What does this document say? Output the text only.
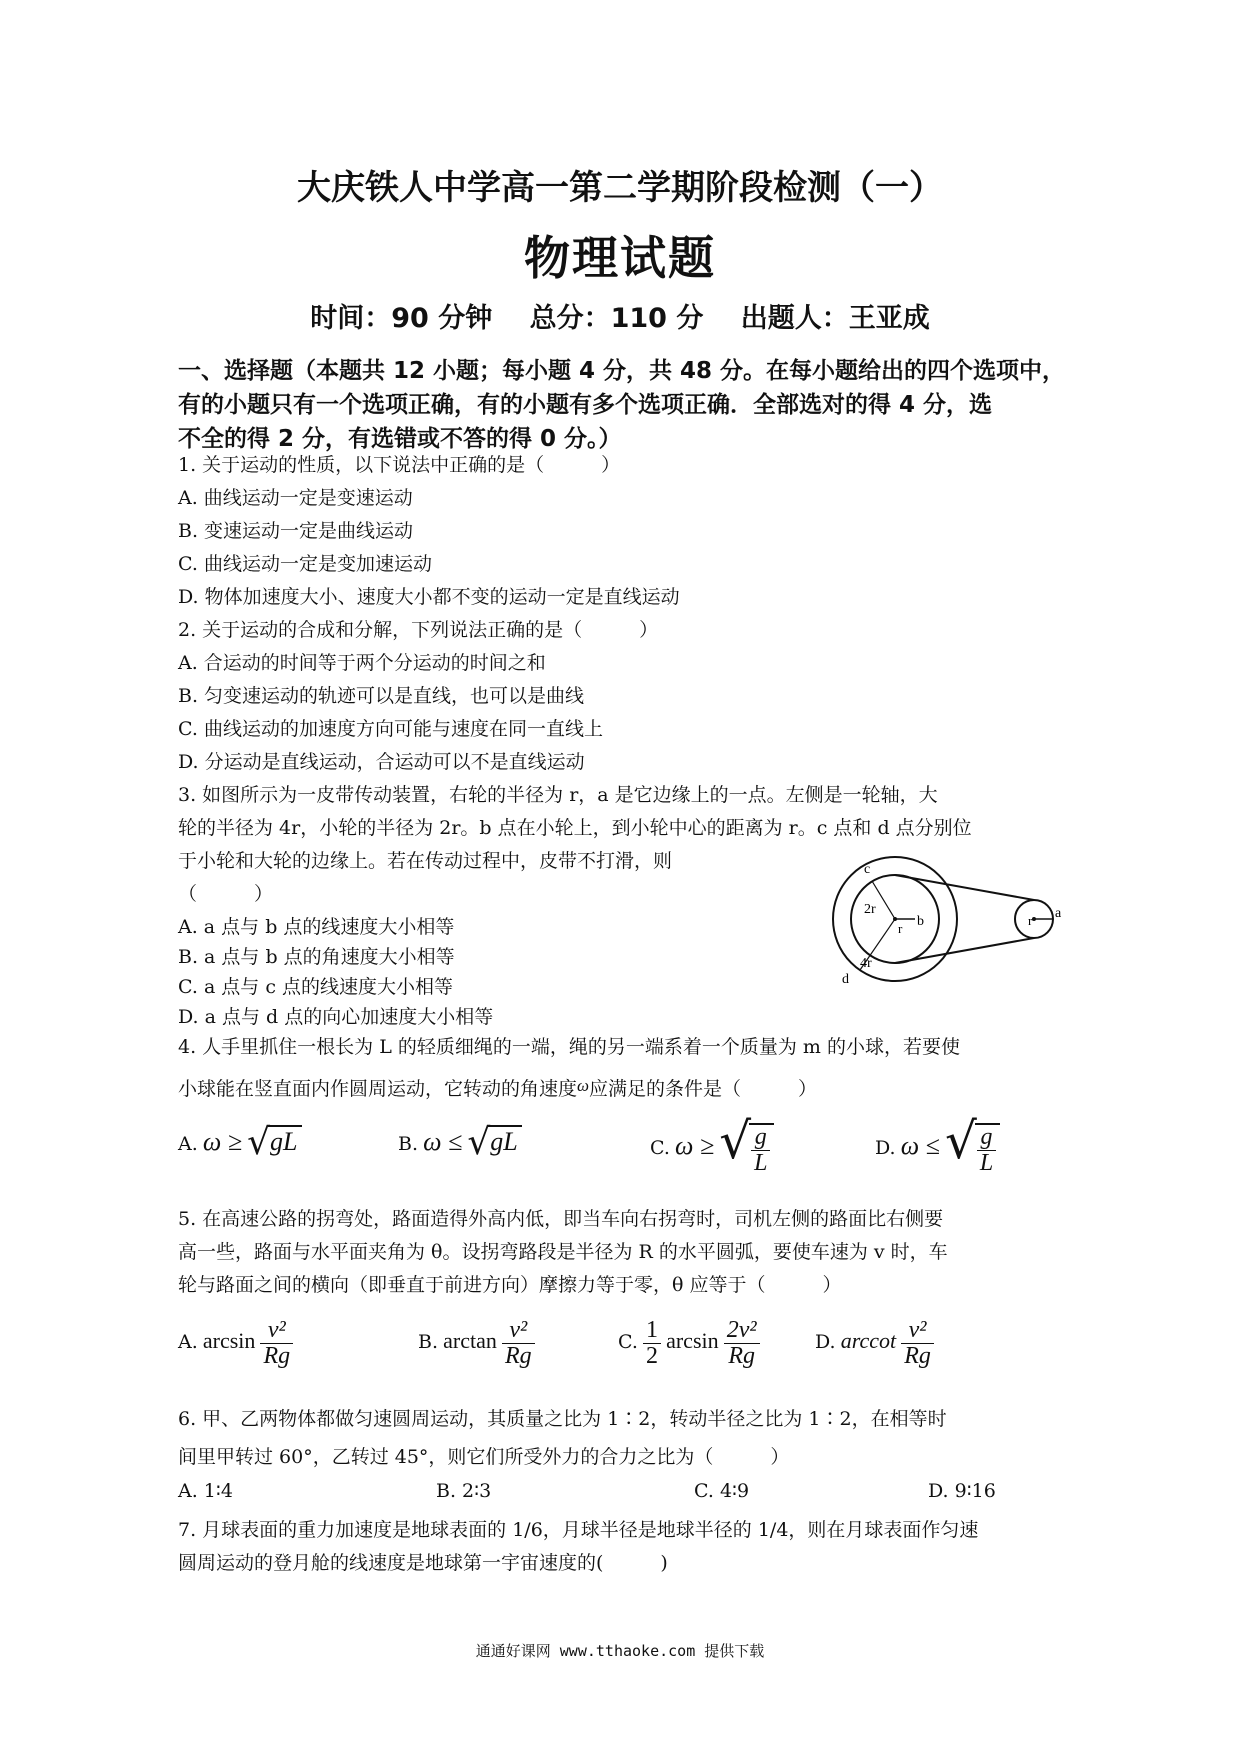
大庆铁人中学高一第二学期阶段检测（一）
物理试题
时间：90 分钟 总分：110 分 出题人：王亚成
一、选择题（本题共 12 小题；每小题 4 分，共 48 分。在每小题给出的四个选项中，
有的小题只有一个选项正确，有的小题有多个选项正确．全部选对的得 4 分，选
不全的得 2 分，有选错或不答的得 0 分。）
1. 关于运动的性质，以下说法中正确的是（　　　）
A. 曲线运动一定是变速运动
B. 变速运动一定是曲线运动
C. 曲线运动一定是变加速运动
D. 物体加速度大小、速度大小都不变的运动一定是直线运动
2. 关于运动的合成和分解，下列说法正确的是（　　　）
A. 合运动的时间等于两个分运动的时间之和
B. 匀变速运动的轨迹可以是直线，也可以是曲线
C. 曲线运动的加速度方向可能与速度在同一直线上
D. 分运动是直线运动，合运动可以不是直线运动
3. 如图所示为一皮带传动装置，右轮的半径为 r，a 是它边缘上的一点。左侧是一轮轴，大
轮的半径为 4r，小轮的半径为 2r。b 点在小轮上，到小轮中心的距离为 r。c 点和 d 点分别位
于小轮和大轮的边缘上。若在传动过程中，皮带不打滑，则
（　　　）
A. a 点与 b 点的线速度大小相等
B. a 点与 b 点的角速度大小相等
C. a 点与 c 点的线速度大小相等
D. a 点与 d 点的向心加速度大小相等
c
d
b
a
2r
4r
r
r
4. 人手里抓住一根长为 L 的轻质细绳的一端，绳的另一端系着一个质量为 m 的小球，若要使
小球能在竖直面内作圆周运动，它转动的角速度ω应满足的条件是（　　　）
A. ω ≥ √gL	B. ω ≤ √gL	C. ω ≥ √
$\frac{g}{L}$	D. ω ≤ √
$\frac{g}{L}$
5. 在高速公路的拐弯处，路面造得外高内低，即当车向右拐弯时，司机左侧的路面比右侧要
高一些，路面与水平面夹角为 θ。设拐弯路段是半径为 R 的水平圆弧，要使车速为 v 时，车
轮与路面之间的横向（即垂直于前进方向）摩擦力等于零，θ 应等于（　　　）
A. $\arcsin \frac{\text{v²}}{Rg}$	B. $\arctan \frac{\text{v²}}{Rg}$	C. $\frac{1}{2}$ $\arcsin \frac{\text{2v²}}{Rg}$	D. arccot $\frac{\text{v²}}{Rg}$
6. 甲、乙两物体都做匀速圆周运动，其质量之比为 1∶2，转动半径之比为 1∶2，在相等时
间里甲转过 60°，乙转过 45°，则它们所受外力的合力之比为（　　　）
A. 1∶4	B. 2∶3	C. 4∶9	D. 9∶16
7. 月球表面的重力加速度是地球表面的 1/6，月球半径是地球半径的 1/4，则在月球表面作匀速
圆周运动的登月舱的线速度是地球第一宇宙速度的(　　　)
通通好课网 www.tthaoke.com 提供下载
